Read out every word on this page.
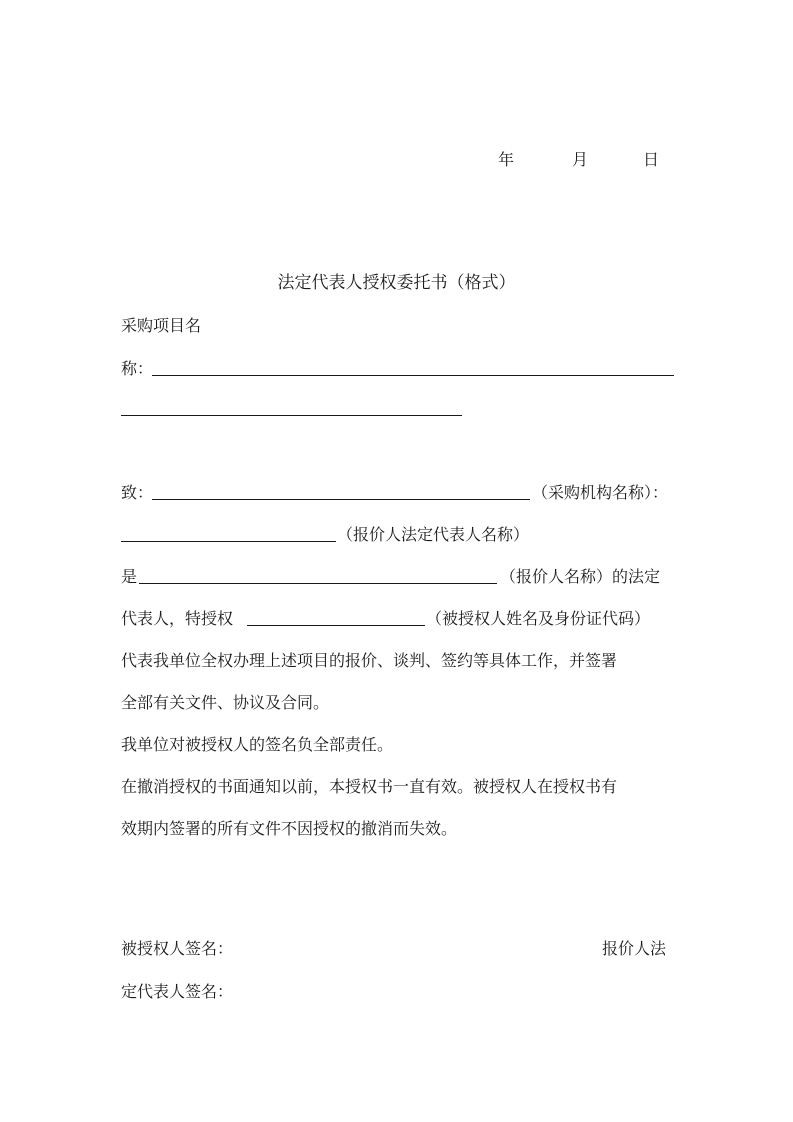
年	月	日
法定代表人授权委托书（格式）
采购项目名
称：
致：	（采购机构名称）：
（报价人法定代表人名称）
是	（报价人名称）的法定
代表人，特授权	（被授权人姓名及身份证代码）
代表我单位全权办理上述项目的报价、谈判、签约等具体工作，并签署
全部有关文件、协议及合同。
我单位对被授权人的签名负全部责任。
在撤消授权的书面通知以前，本授权书一直有效。被授权人在授权书有
效期内签署的所有文件不因授权的撤消而失效。
被授权人签名：	报价人法
定代表人签名：
